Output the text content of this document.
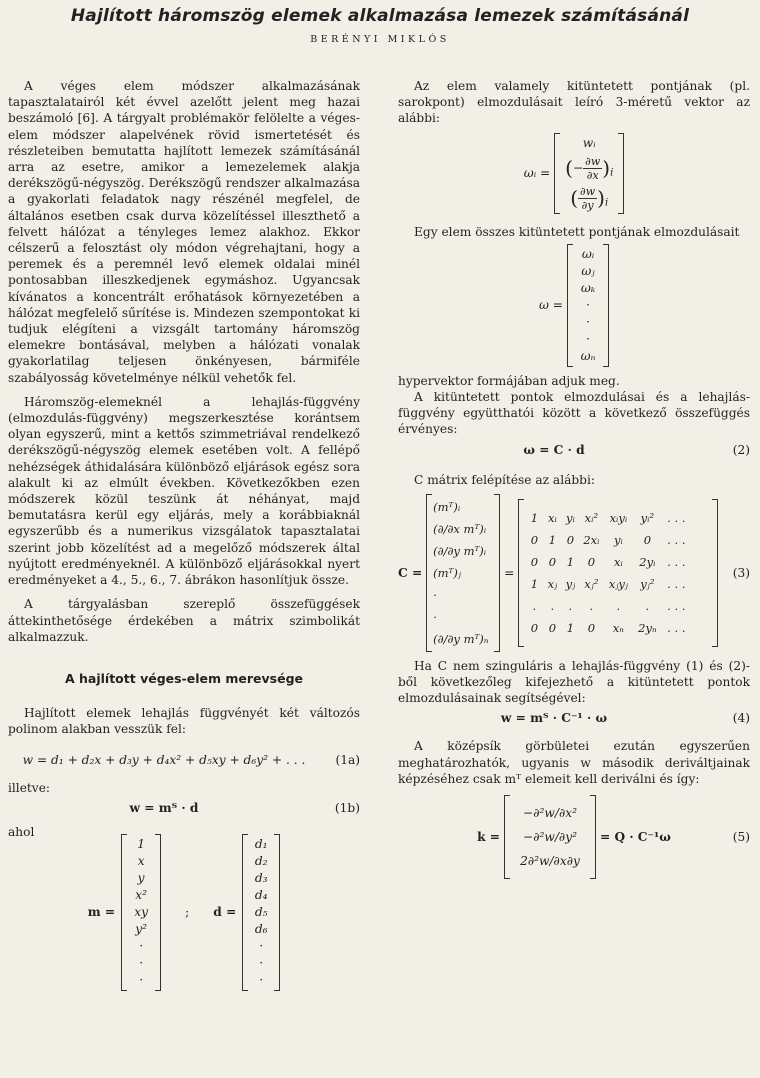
Hajlított háromszög elemek alkalmazása lemezek számításánál
BERÉNYI MIKLÓS

A véges elem módszer alkalmazásának tapasztalatairól két évvel azelőtt jelent meg hazai beszámoló [6]. A tárgyalt problémakör felölelte a véges-elem módszer alapelvének rövid ismertetését és részleteiben bemutatta hajlított lemezek számításánál arra az esetre, amikor a lemezelemek alakja derékszögű-négyszög. Derékszögű rendszer alkalmazása a gyakorlati feladatok nagy részénél megfelel, de általános esetben csak durva közelítéssel illeszthető a felvett hálózat a tényleges lemez alakhoz. Ekkor célszerű a felosztást oly módon végrehajtani, hogy a peremek és a peremnél levő elemek oldalai minél pontosabban illeszkedjenek egymáshoz. Ugyancsak kívánatos a koncentrált erőhatások környezetében a hálózat megfelelő sűrítése is. Mindezen szempontokat ki tudjuk elégíteni a vizsgált tartomány háromszög elemekre bontásával, melyben a hálózati vonalak gyakorlatilag teljesen önkényesen, bármiféle szabályosság követelménye nélkül vehetők fel.

Háromszög-elemeknél a lehajlás-függvény (elmozdulás-függvény) megszerkesztése korántsem olyan egyszerű, mint a kettős szimmetriával rendelkező derékszögű-négyszög elemek esetében volt. A fellépő nehézségek áthidalására különböző eljárások egész sora alakult ki az elmúlt években. Következőkben ezen módszerek közül teszünk át néhányat, majd bemutatásra kerül egy eljárás, mely a korábbiaknál egyszerűbb és a numerikus vizsgálatok tapasztalatai szerint jobb közelítést ad a megelőző módszerek által nyújtott eredményeknél. A különböző eljárásokkal nyert eredményeket a 4., 5., 6., 7. ábrákon hasonlítjuk össze.

A tárgyalásban szereplő összefüggések áttekinthetősége érdekében a mátrix szimbolikát alkalmazzuk.

A hajlított véges-elem merevsége

Hajlított elemek lehajlás függvényét két változós polinom alakban vesszük fel:

w = d₁ + d₂x + d₃y + d₄x² + d₅xy + d₆y² + . . .	(1a)

illetve:

w = mᵀ · d	(1b)

ahol

m =
1
x
y
x²
xy
y²
·
·
·
; d =
d₁
d₂
d₃
d₄
d₅
d₆
·
·
·

Az elem valamely kitüntetett pontjának (pl. sarokpont) elmozdulásait leíró 3-méretű vektor az alábbi:

ωᵢ =
wᵢ
(− $\frac{\partial w}{\partial x} )_i$
( $\frac{\partial w}{\partial y} )_i$

Egy elem összes kitüntetett pontjának elmozdulásait

ω =
ωᵢ
ωⱼ
ωₖ
·
·
·
ωₙ

hypervektor formájában adjuk meg.

A kitüntetett pontok elmozdulásai és a lehajlás-függvény együtthatói között a következő összefüggés érvényes:

ω = C · d	(2)

C mátrix felépítése az alábbi:

C =
(mᵀ)ᵢ
(∂/∂x mᵀ)ᵢ
(∂/∂y mᵀ)ᵢ
(mᵀ)ⱼ
·
·
(∂/∂y mᵀ)ₙ
=
1 xᵢ yᵢ xᵢ² xᵢyᵢ yᵢ² . . .
0 1 0 2xᵢ yᵢ 0 . . .
0 0 1 0 xᵢ 2yᵢ . . .
1 xⱼ yⱼ xⱼ² xⱼyⱼ yⱼ² . . .
. . . . . . . . .
0 0 1 0 xₙ 2yₙ . . .
(3)

Ha C nem szinguláris a lehajlás-függvény (1) és (2)-ből következőleg kifejezhető a kitüntetett pontok elmozdulásainak segítségével:

w = mᵀ · C⁻¹ · ω	(4)

A középsík görbületei ezután egyszerűen meghatározhatók, ugyanis w második deriváltjainak képzéséhez csak mᵀ elemeit kell deriválni és így:

k =
−∂²w/∂x²
−∂²w/∂y²
2∂²w/∂x∂y
= Q · C⁻¹ω	(5)
